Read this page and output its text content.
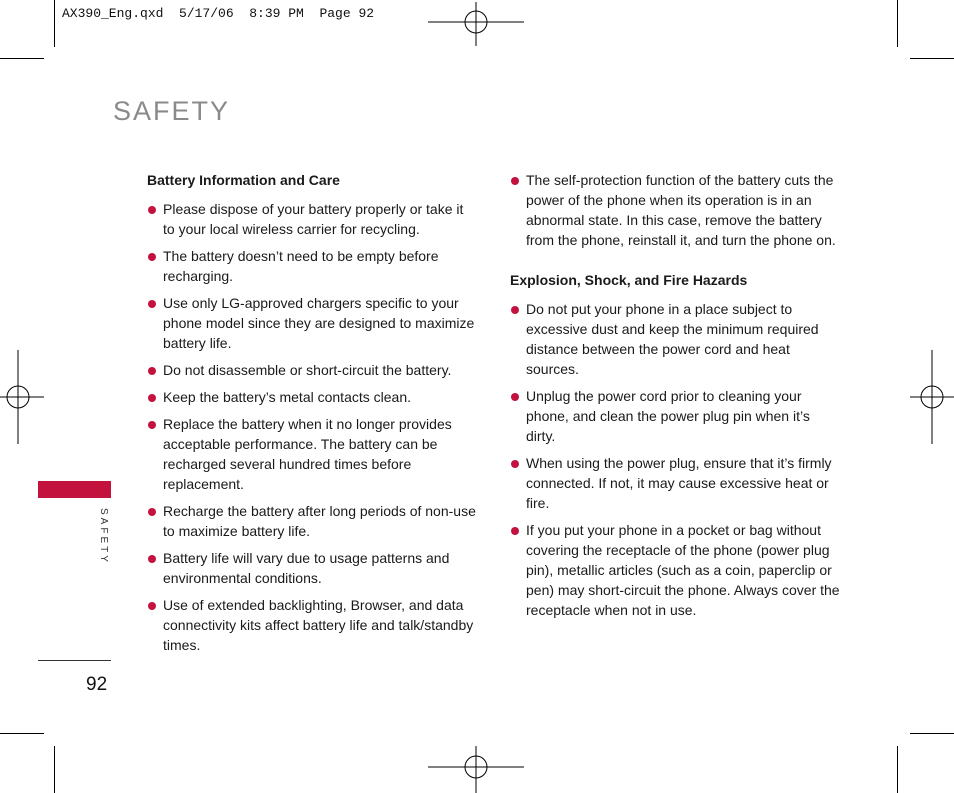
AX390_Eng.qxd  5/17/06  8:39 PM  Page 92
SAFETY
Battery Information and Care
Please dispose of your battery properly or take it to your local wireless carrier for recycling.
The battery doesn’t need to be empty before recharging.
Use only LG-approved chargers specific to your phone model since they are designed to maximize battery life.
Do not disassemble or short-circuit the battery.
Keep the battery’s metal contacts clean.
Replace the battery when it no longer provides acceptable performance. The battery can be recharged several hundred times before replacement.
Recharge the battery after long periods of non-use to maximize battery life.
Battery life will vary due to usage patterns and environmental conditions.
Use of extended backlighting, Browser, and data connectivity kits affect battery life and talk/standby times.
The self-protection function of the battery cuts the power of the phone when its operation is in an abnormal state. In this case, remove the battery from the phone, reinstall it, and turn the phone on.
Explosion, Shock, and Fire Hazards
Do not put your phone in a place subject to excessive dust and keep the minimum required distance between the power cord and heat sources.
Unplug the power cord prior to cleaning your phone, and clean the power plug pin when it’s dirty.
When using the power plug, ensure that it’s firmly connected. If not, it may cause excessive heat or fire.
If you put your phone in a pocket or bag without covering the receptacle of the phone (power plug pin), metallic articles (such as a coin, paperclip or pen) may short-circuit the phone. Always cover the receptacle when not in use.
SAFETY
92
